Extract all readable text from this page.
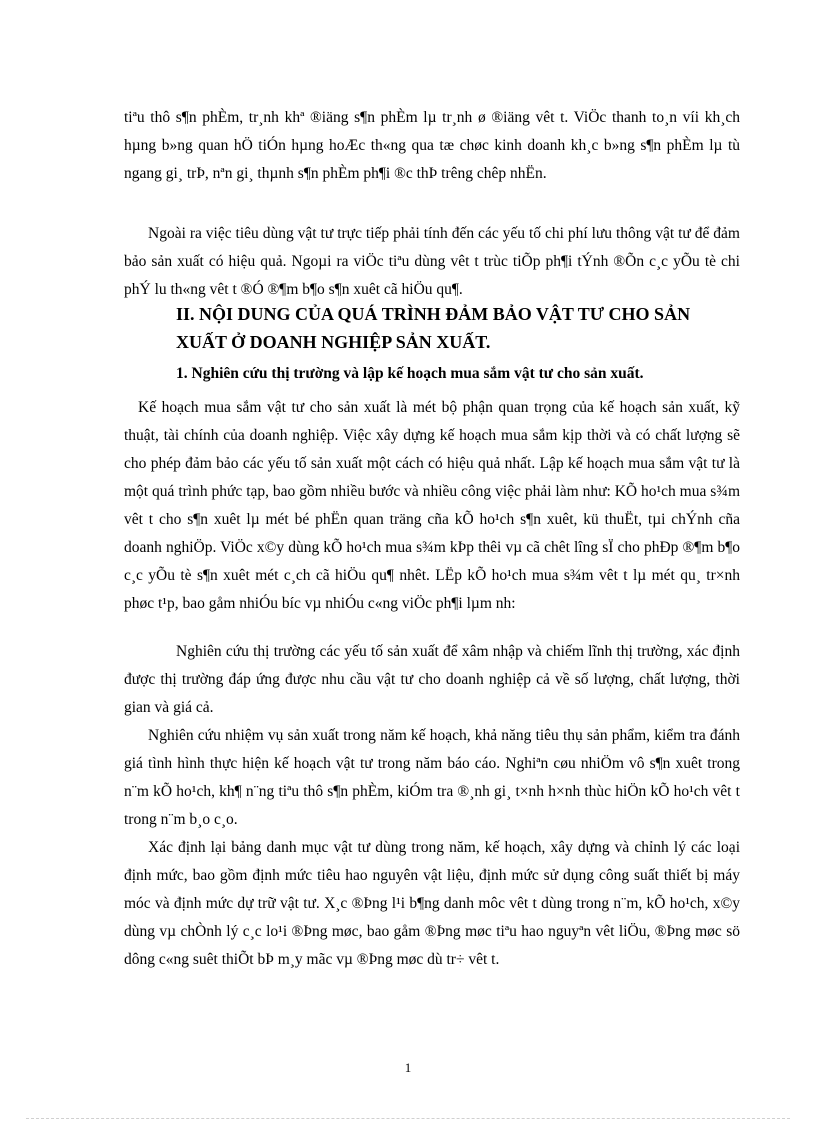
tiªu thô s¶n phÈm, tr¸nh khª ®iäng s¶n phÈm lµ tr¸nh ø ®iäng vêt t. ViÖc thanh to¸n víi kh¸ch hµng b»ng quan hÖ tiÓn hµng hoÆc th«ng qua tæ chøc kinh doanh kh¸c b»ng s¶n phÈm lµ tù ngang gi¸ trÞ, nªn gi¸ thµnh s¶n phÈm ph¶i ®c thÞ trêng chêp nhËn.

Ngoài ra việc tiêu dùng vật tư trực tiếp phải tính đến các yếu tố chi phí lưu thông vật tư để đảm bảo sản xuất có hiệu quả. Ngoµi ra viÖc tiªu dùng vêt t trùc tiÕp ph¶i tÝnh ®Õn c¸c yÕu tè chi phÝ lu th«ng vêt t ®Ó ®¶m b¶o s¶n xuêt cã hiÖu qu¶.

II. NỘI DUNG CỦA QUÁ TRÌNH ĐẢM BẢO VẬT TƯ CHO SẢN XUẤT Ở DOANH NGHIỆP SẢN XUẤT.
1. Nghiên cứu thị trường và lập kế hoạch mua sắm vật tư cho sản xuất.

Kế hoạch mua sắm vật tư cho sản xuất là mét bộ phận quan trọng của kế hoạch sản xuất, kỹ thuật, tài chính của doanh nghiệp. Việc xây dựng kế hoạch mua sắm kịp thời và có chất lượng sẽ cho phép đảm bảo các yếu tố sản xuất một cách có hiệu quả nhất. Lập kế hoạch mua sắm vật tư là một quá trình phức tạp, bao gồm nhiều bước và nhiều công việc phải làm như: KÕ ho¹ch mua s¾m vêt t cho s¶n xuêt lµ mét bé phËn quan träng cña kÕ ho¹ch s¶n xuêt, kü thuËt, tµi chÝnh cña doanh nghiÖp. ViÖc x©y dùng kÕ ho¹ch mua s¾m kÞp thêi vµ cã chêt lîng sÏ cho phÐp ®¶m b¶o c¸c yÕu tè s¶n xuêt mét c¸ch cã hiÖu qu¶ nhêt. LËp kÕ ho¹ch mua s¾m vêt t lµ mét qu¸ tr×nh phøc t¹p, bao gåm nhiÓu bíc vµ nhiÓu c«ng viÖc ph¶i lµm nh:

Nghiên cứu thị trường các yếu tố sản xuất để xâm nhập và chiếm lĩnh thị trường, xác định được thị trường đáp ứng được nhu cầu vật tư cho doanh nghiệp cả về số lượng, chất lượng, thời gian và giá cả.

Nghiên cứu nhiệm vụ sản xuất trong năm kế hoạch, khả năng tiêu thụ sản phẩm, kiểm tra đánh giá tình hình thực hiện kế hoạch vật tư trong năm báo cáo. Nghiªn cøu nhiÖm vô s¶n xuêt trong n¨m kÕ ho¹ch, kh¶ n¨ng tiªu thô s¶n phÈm, kiÓm tra ®¸nh gi¸ t×nh h×nh thùc hiÖn kÕ ho¹ch vêt t trong n¨m b¸o c¸o.

Xác định lại bảng danh mục vật tư dùng trong năm, kế hoạch, xây dựng và chỉnh lý các loại định mức, bao gồm định mức tiêu hao nguyên vật liệu, định mức sử dụng công suất thiết bị máy móc và định mức dự trữ vật tư. X¸c ®Þng l¹i b¶ng danh môc vêt t dùng trong n¨m, kÕ ho¹ch, x©y dùng vµ chÒnh lý c¸c lo¹i ®Þng møc, bao gåm ®Þng møc tiªu hao nguyªn vêt liÖu, ®Þng møc sö dông c«ng suêt thiÕt bÞ m¸y mãc vµ ®Þng møc dù tr÷ vêt t.

1
